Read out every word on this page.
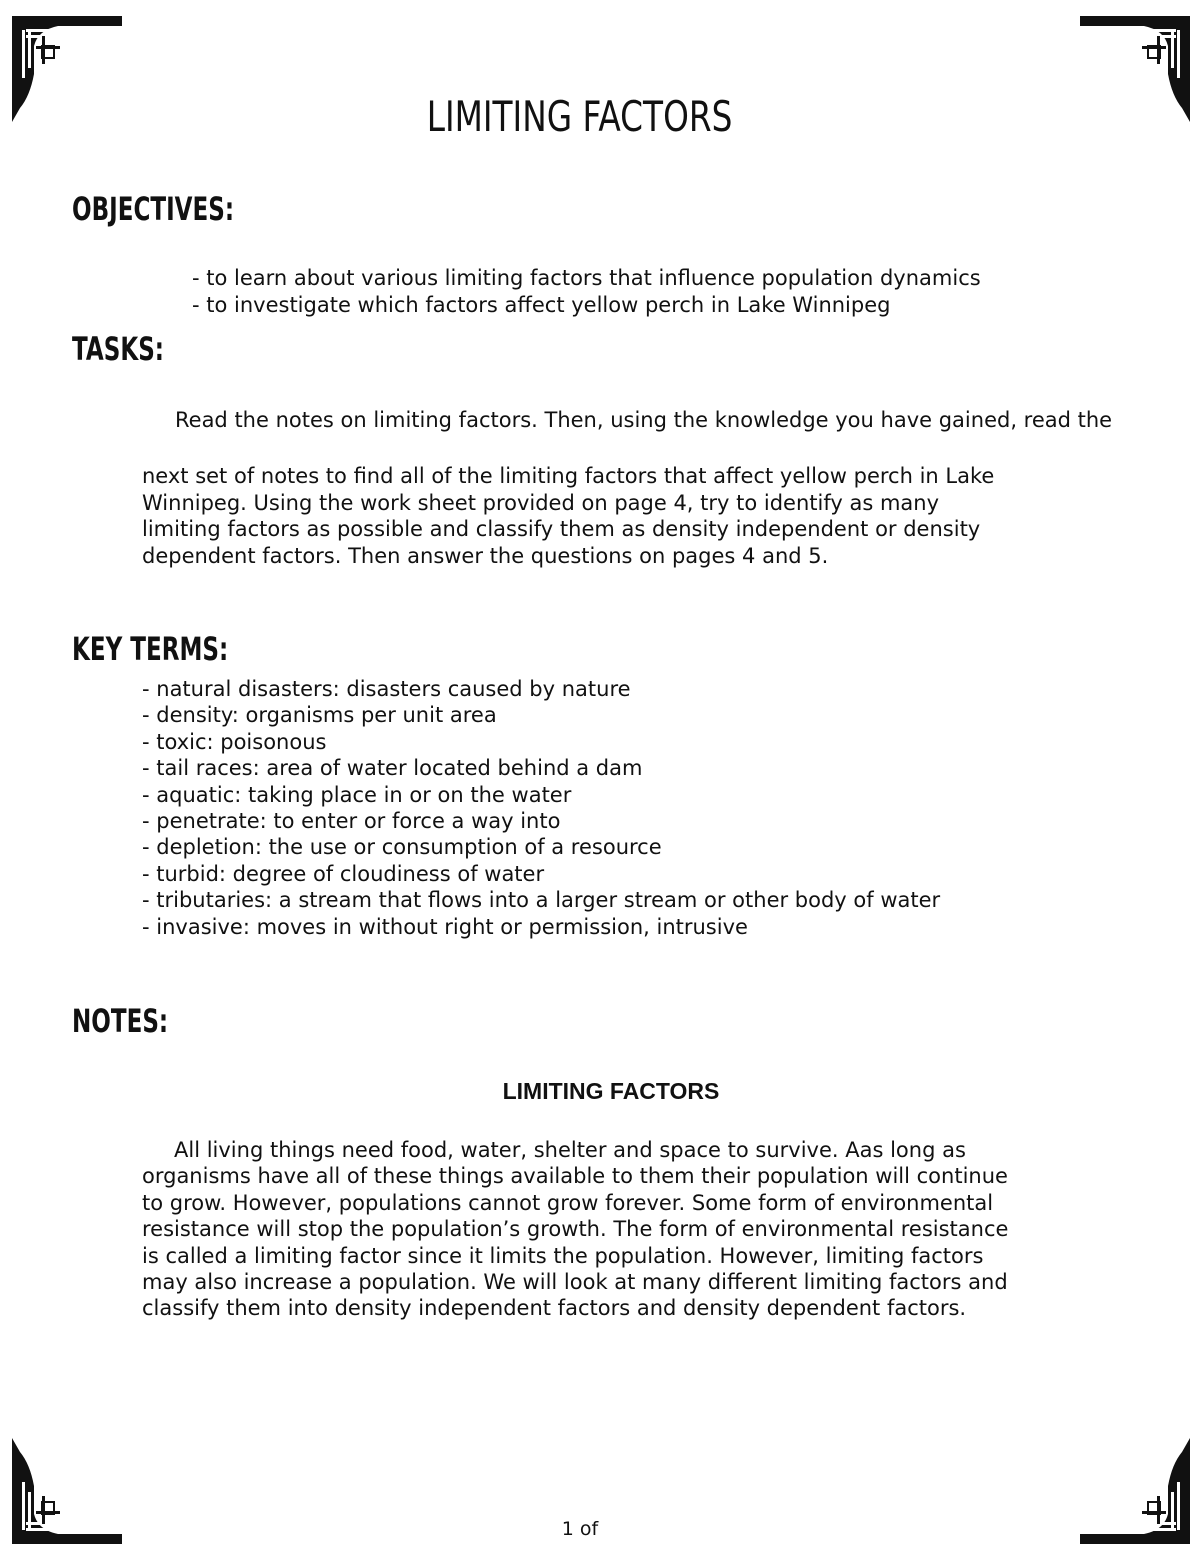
LIMITING FACTORS
OBJECTIVES:
- to learn about various limiting factors that influence population dynamics
- to investigate which factors affect yellow perch in Lake Winnipeg
TASKS:
Read the notes on limiting factors. Then, using the knowledge you have gained, read the
next set of notes to find all of the limiting factors that affect yellow perch in Lake
Winnipeg. Using the work sheet provided on page 4, try to identify as many
limiting factors as possible and classify them as density independent or density
dependent factors. Then answer the questions on pages 4 and 5.
KEY TERMS:
- natural disasters: disasters caused by nature
- density: organisms per unit area
- toxic: poisonous
- tail races: area of water located behind a dam
- aquatic: taking place in or on the water
- penetrate: to enter or force a way into
- depletion: the use or consumption of a resource
- turbid: degree of cloudiness of water
- tributaries: a stream that flows into a larger stream or other body of water
- invasive: moves in without right or permission, intrusive
NOTES:
LIMITING FACTORS
All living things need food, water, shelter and space to survive. Aas long as
organisms have all of these things available to them their population will continue
to grow. However, populations cannot grow forever. Some form of environmental
resistance will stop the population’s growth. The form of environmental resistance
is called a limiting factor since it limits the population. However, limiting factors
may also increase a population. We will look at many different limiting factors and
classify them into density independent factors and density dependent factors.
1 of
